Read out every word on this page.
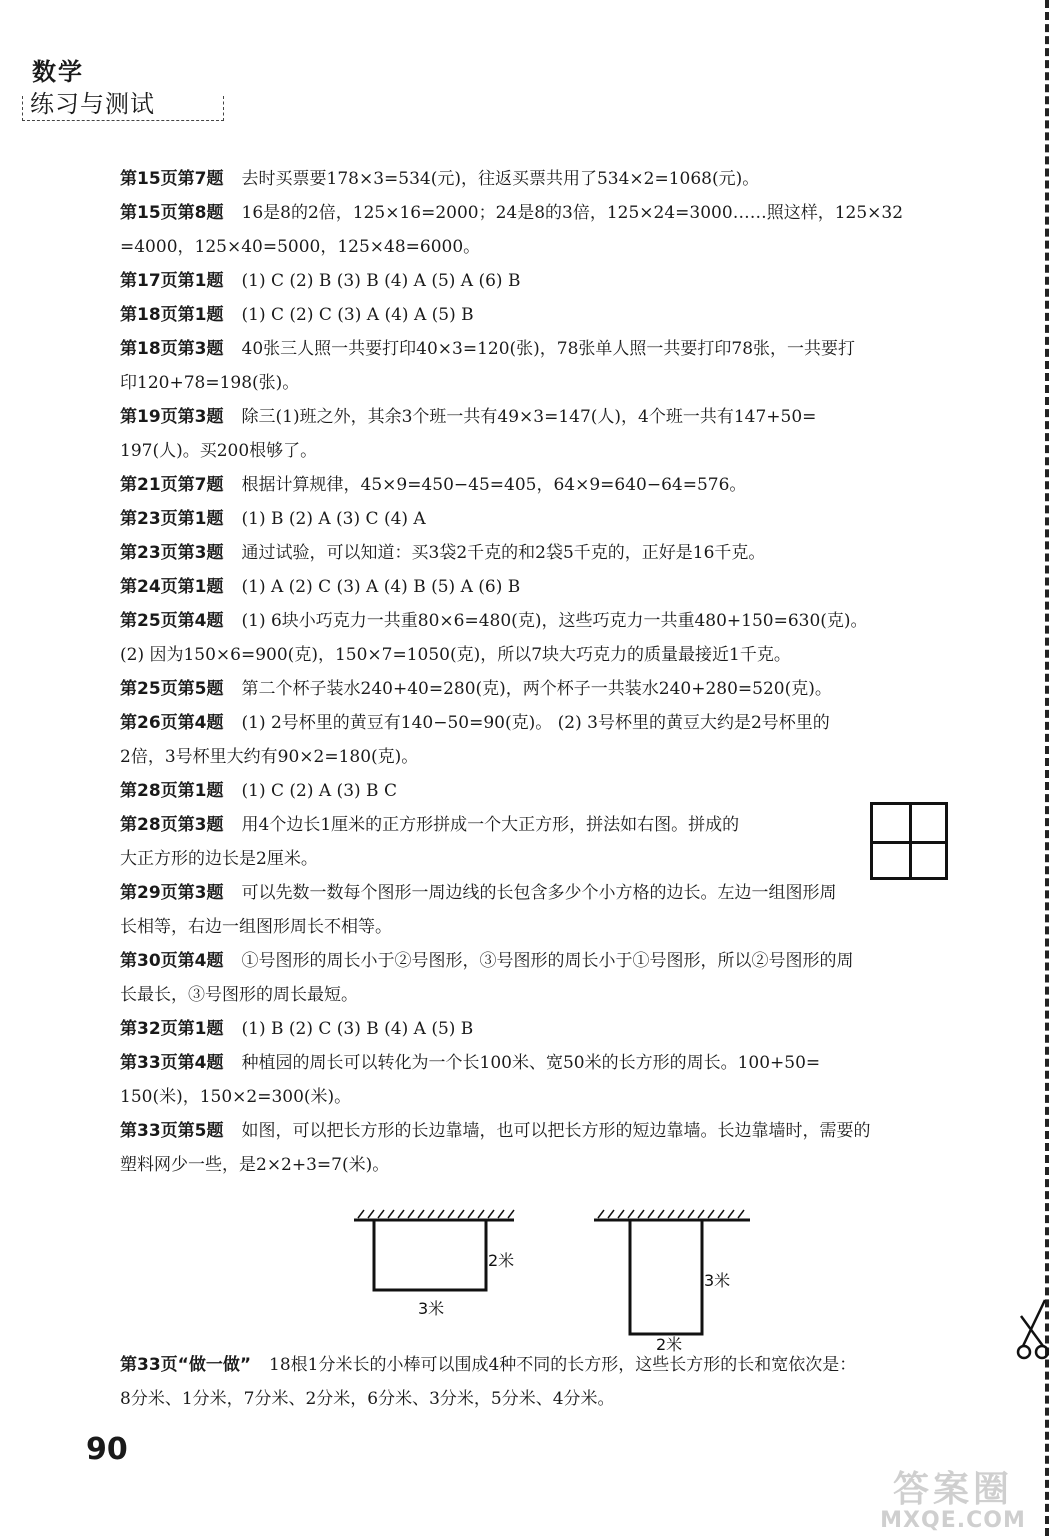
数学
练习与测试
第15页第7题 去时买票要178×3=534(元)，往返买票共用了534×2=1068(元)。
第15页第8题 16是8的2倍，125×16=2000；24是8的3倍，125×24=3000……照这样，125×32
=4000，125×40=5000，125×48=6000。
第17页第1题 (1) C (2) B (3) B (4) A (5) A (6) B
第18页第1题 (1) C (2) C (3) A (4) A (5) B
第18页第3题 40张三人照一共要打印40×3=120(张)，78张单人照一共要打印78张，一共要打
印120+78=198(张)。
第19页第3题 除三(1)班之外，其余3个班一共有49×3=147(人)，4个班一共有147+50=
197(人)。买200根够了。
第21页第7题 根据计算规律，45×9=450−45=405，64×9=640−64=576。
第23页第1题 (1) B (2) A (3) C (4) A
第23页第3题 通过试验，可以知道：买3袋2千克的和2袋5千克的，正好是16千克。
第24页第1题 (1) A (2) C (3) A (4) B (5) A (6) B
第25页第4题 (1) 6块小巧克力一共重80×6=480(克)，这些巧克力一共重480+150=630(克)。
(2) 因为150×6=900(克)，150×7=1050(克)，所以7块大巧克力的质量最接近1千克。
第25页第5题 第二个杯子装水240+40=280(克)，两个杯子一共装水240+280=520(克)。
第26页第4题 (1) 2号杯里的黄豆有140−50=90(克)。 (2) 3号杯里的黄豆大约是2号杯里的
2倍，3号杯里大约有90×2=180(克)。
第28页第1题 (1) C (2) A (3) B C
第28页第3题 用4个边长1厘米的正方形拼成一个大正方形，拼法如右图。拼成的
大正方形的边长是2厘米。
第29页第3题 可以先数一数每个图形一周边线的长包含多少个小方格的边长。左边一组图形周
长相等，右边一组图形周长不相等。
第30页第4题 ①号图形的周长小于②号图形，③号图形的周长小于①号图形，所以②号图形的周
长最长，③号图形的周长最短。
第32页第1题 (1) B (2) C (3) B (4) A (5) B
第33页第4题 种植园的周长可以转化为一个长100米、宽50米的长方形的周长。100+50=
150(米)，150×2=300(米)。
第33页第5题 如图，可以把长方形的长边靠墙，也可以把长方形的短边靠墙。长边靠墙时，需要的
塑料网少一些，是2×2+3=7(米)。
2米
3米
3米
2米
第33页“做一做” 18根1分米长的小棒可以围成4种不同的长方形，这些长方形的长和宽依次是：
8分米、1分米，7分米、2分米，6分米、3分米，5分米、4分米。
90
答案圈
MXQE.COM
